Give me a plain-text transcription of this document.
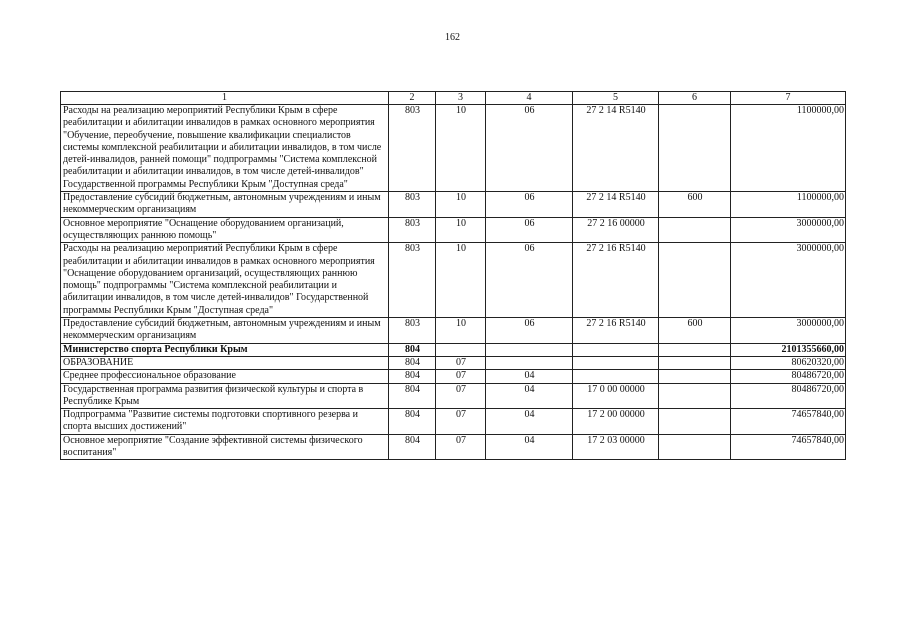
162
1	2	3	4	5	6	7
Расходы на реализацию мероприятий Республики Крым в сфере реабилитации и абилитации инвалидов в рамках основного мероприятия "Обучение, переобучение, повышение квалификации специалистов системы комплексной реабилитации и абилитации инвалидов, в том числе детей-инвалидов, ранней помощи" подпрограммы "Система комплексной реабилитации и абилитации инвалидов, в том числе детей-инвалидов" Государственной программы Республики Крым "Доступная среда"	803	10	06	27 2 14 R5140		1100000,00
Предоставление субсидий бюджетным, автономным учреждениям и иным некоммерческим организациям	803	10	06	27 2 14 R5140	600	1100000,00
Основное мероприятие "Оснащение оборудованием организаций, осуществляющих раннюю помощь"	803	10	06	27 2 16 00000		3000000,00
Расходы на реализацию мероприятий Республики Крым в сфере реабилитации и абилитации инвалидов в рамках основного мероприятия "Оснащение оборудованием организаций, осуществляющих раннюю помощь" подпрограммы "Система комплексной реабилитации и абилитации инвалидов, в том числе детей-инвалидов" Государственной программы Республики Крым "Доступная среда"	803	10	06	27 2 16 R5140		3000000,00
Предоставление субсидий бюджетным, автономным учреждениям и иным некоммерческим организациям	803	10	06	27 2 16 R5140	600	3000000,00
Министерство спорта Республики Крым	804					2101355660,00
ОБРАЗОВАНИЕ	804	07				80620320,00
Среднее профессиональное образование	804	07	04			80486720,00
Государственная программа развития физической культуры и спорта в Республике Крым	804	07	04	17 0 00 00000		80486720,00
Подпрограмма "Развитие системы подготовки спортивного резерва и спорта высших достижений"	804	07	04	17 2 00 00000		74657840,00
Основное мероприятие "Создание эффективной системы физического воспитания"	804	07	04	17 2 03 00000		74657840,00
